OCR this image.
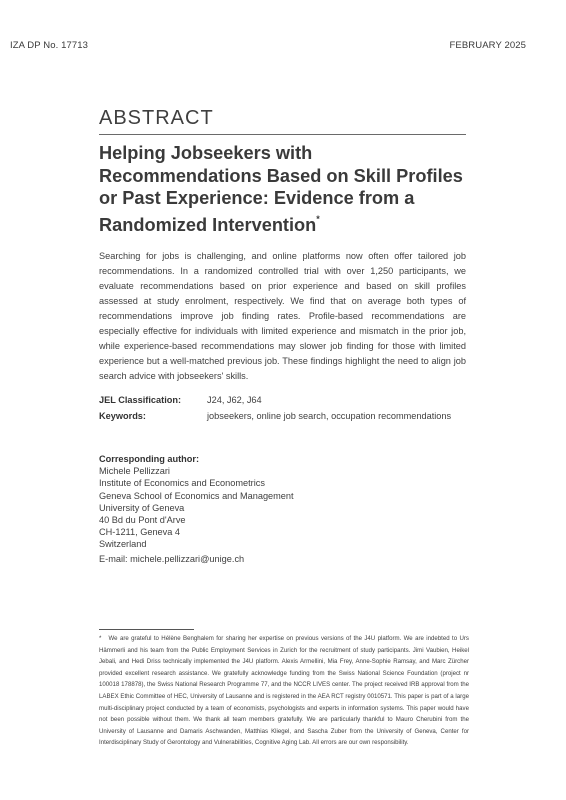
IZA DP No. 17713	FEBRUARY 2025
ABSTRACT
Helping Jobseekers with
Recommendations Based on Skill Profiles
or Past Experience: Evidence from a
Randomized Intervention*
Searching for jobs is challenging, and online platforms now often offer tailored job recommendations. In a randomized controlled trial with over 1,250 participants, we evaluate recommendations based on prior experience and based on skill profiles assessed at study enrolment, respectively. We find that on average both types of recommendations improve job finding rates. Profile-based recommendations are especially effective for individuals with limited experience and mismatch in the prior job, while experience-based recommendations may slower job finding for those with limited experience but a well-matched previous job. These findings highlight the need to align job search advice with jobseekers' skills.
JEL Classification:	J24, J62, J64
Keywords:	jobseekers, online job search, occupation recommendations
Corresponding author:
Michele Pellizzari
Institute of Economics and Econometrics
Geneva School of Economics and Management
University of Geneva
40 Bd du Pont d'Arve
CH-1211, Geneva 4
Switzerland
E-mail: michele.pellizzari@unige.ch
* We are grateful to Hélène Benghalem for sharing her expertise on previous versions of the J4U platform. We are indebted to Urs Hämmerli and his team from the Public Employment Services in Zurich for the recruitment of study participants. Jimi Vaubien, Heikel Jebali, and Hedi Driss technically implemented the J4U platform. Alexis Armellini, Mia Frey, Anne-Sophie Ramsay, and Marc Zürcher provided excellent research assistance. We gratefully acknowledge funding from the Swiss National Science Foundation (project nr 100018 178878), the Swiss National Research Programme 77, and the NCCR LIVES center. The project received IRB approval from the LABEX Ethic Committee of HEC, University of Lausanne and is registered in the AEA RCT registry 0010571. This paper is part of a large multi-disciplinary project conducted by a team of economists, psychologists and experts in information systems. This paper would have not been possible without them. We thank all team members gratefully. We are particularly thankful to Mauro Cherubini from the University of Lausanne and Damaris Aschwanden, Matthias Kliegel, and Sascha Zuber from the University of Geneva, Center for Interdisciplinary Study of Gerontology and Vulnerabilities, Cognitive Aging Lab. All errors are our own responsibility.
